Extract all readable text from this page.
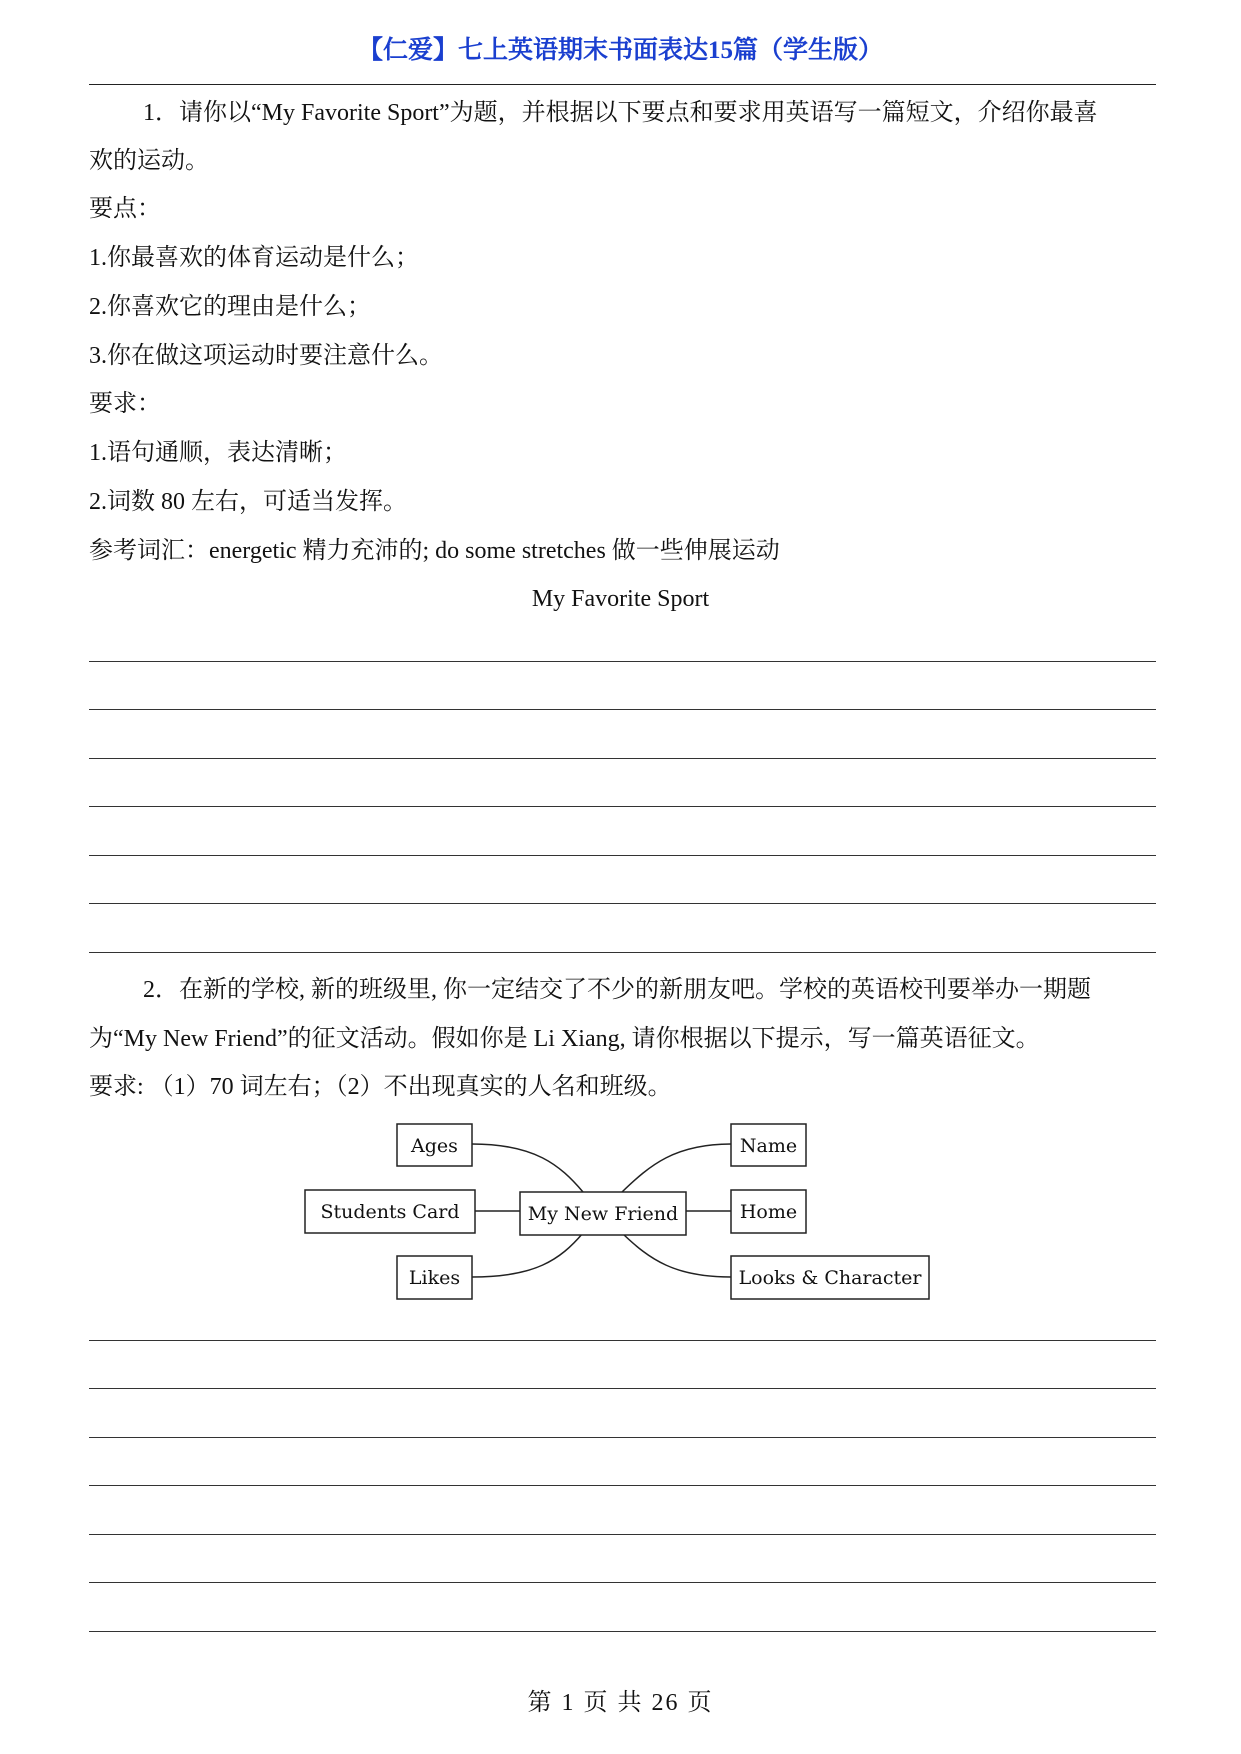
【仁爱】七上英语期末书面表达15篇（学生版）
1．请你以“My Favorite Sport”为题，并根据以下要点和要求用英语写一篇短文，介绍你最喜
欢的运动。
要点：
1.你最喜欢的体育运动是什么；
2.你喜欢它的理由是什么；
3.你在做这项运动时要注意什么。
要求：
1.语句通顺，表达清晰；
2.词数 80 左右，可适当发挥。
参考词汇：energetic 精力充沛的; do some stretches 做一些伸展运动
My Favorite Sport
2．在新的学校, 新的班级里, 你一定结交了不少的新朋友吧。学校的英语校刊要举办一期题
为“My New Friend”的征文活动。假如你是 Li Xiang, 请你根据以下提示，写一篇英语征文。
要求: （1）70 词左右；（2）不出现真实的人名和班级。
My New Friend
Ages
Students Card
Likes
Name
Home
Looks & Character
第 1 页 共 26 页
